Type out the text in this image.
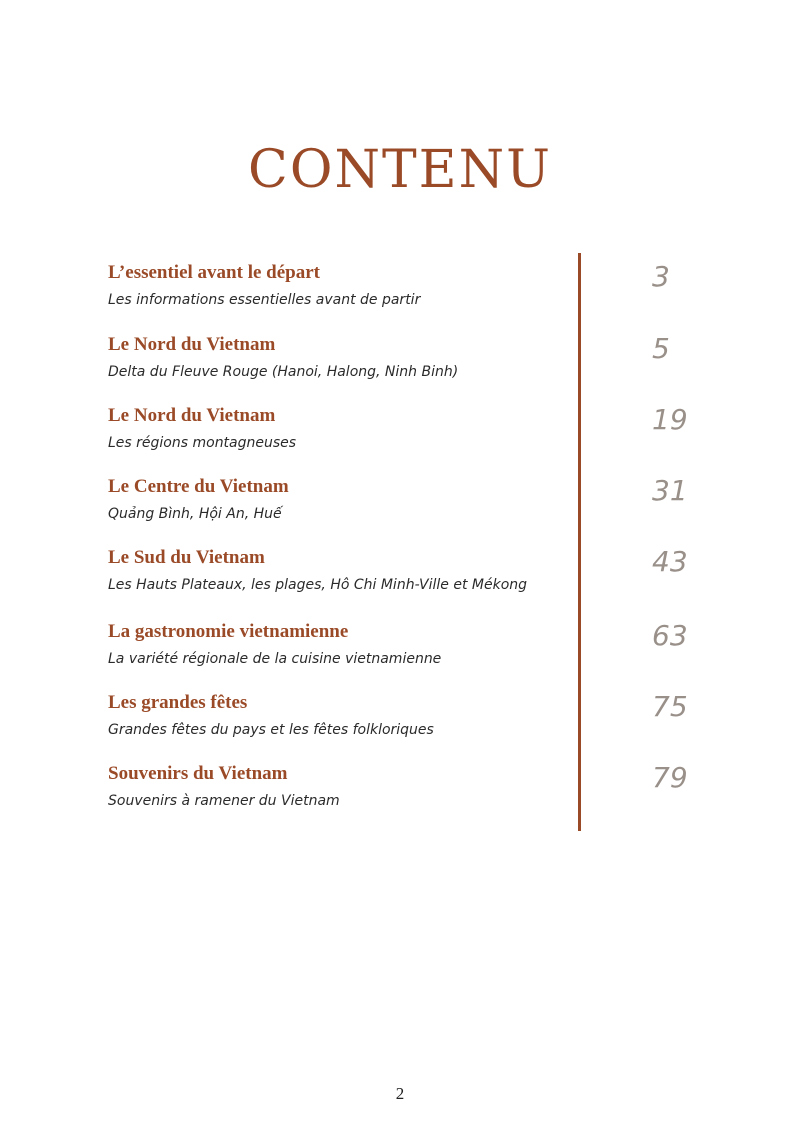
CONTENU
L’essentiel avant le départ
Les informations essentielles avant de partir
3
Le Nord du Vietnam
Delta du Fleuve Rouge (Hanoi, Halong, Ninh Binh)
5
Le Nord du Vietnam
Les régions montagneuses
19
Le Centre du Vietnam
Quảng Bình, Hội An, Huế
31
Le Sud du Vietnam
Les Hauts Plateaux, les plages, Hô Chi Minh-Ville et Mékong
43
La gastronomie vietnamienne
La variété régionale de la cuisine vietnamienne
63
Les grandes fêtes
Grandes fêtes du pays et les fêtes folkloriques
75
Souvenirs du Vietnam
Souvenirs à ramener du Vietnam
79
2
